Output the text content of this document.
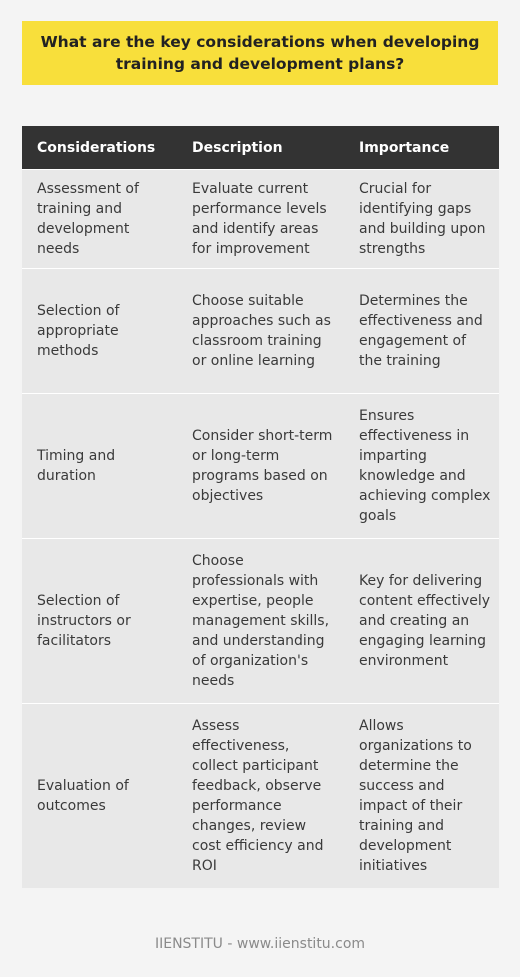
What are the key considerations when developing training and development plans?
Considerations	Description	Importance
Assessment of training and development needs	Evaluate current performance levels and identify areas for improvement	Crucial for identifying gaps and building upon strengths
Selection of appropriate methods	Choose suitable approaches such as classroom training or online learning	Determines the effectiveness and engagement of the training
Timing and duration	Consider short-term or long-term programs based on objectives	Ensures effectiveness in imparting knowledge and achieving complex goals
Selection of instructors or facilitators	Choose professionals with expertise, people management skills, and understanding of organization's needs	Key for delivering content effectively and creating an engaging learning environment
Evaluation of outcomes	Assess effectiveness, collect participant feedback, observe performance changes, review cost efficiency and ROI	Allows organizations to determine the success and impact of their training and development initiatives
IIENSTITU - www.iienstitu.com
